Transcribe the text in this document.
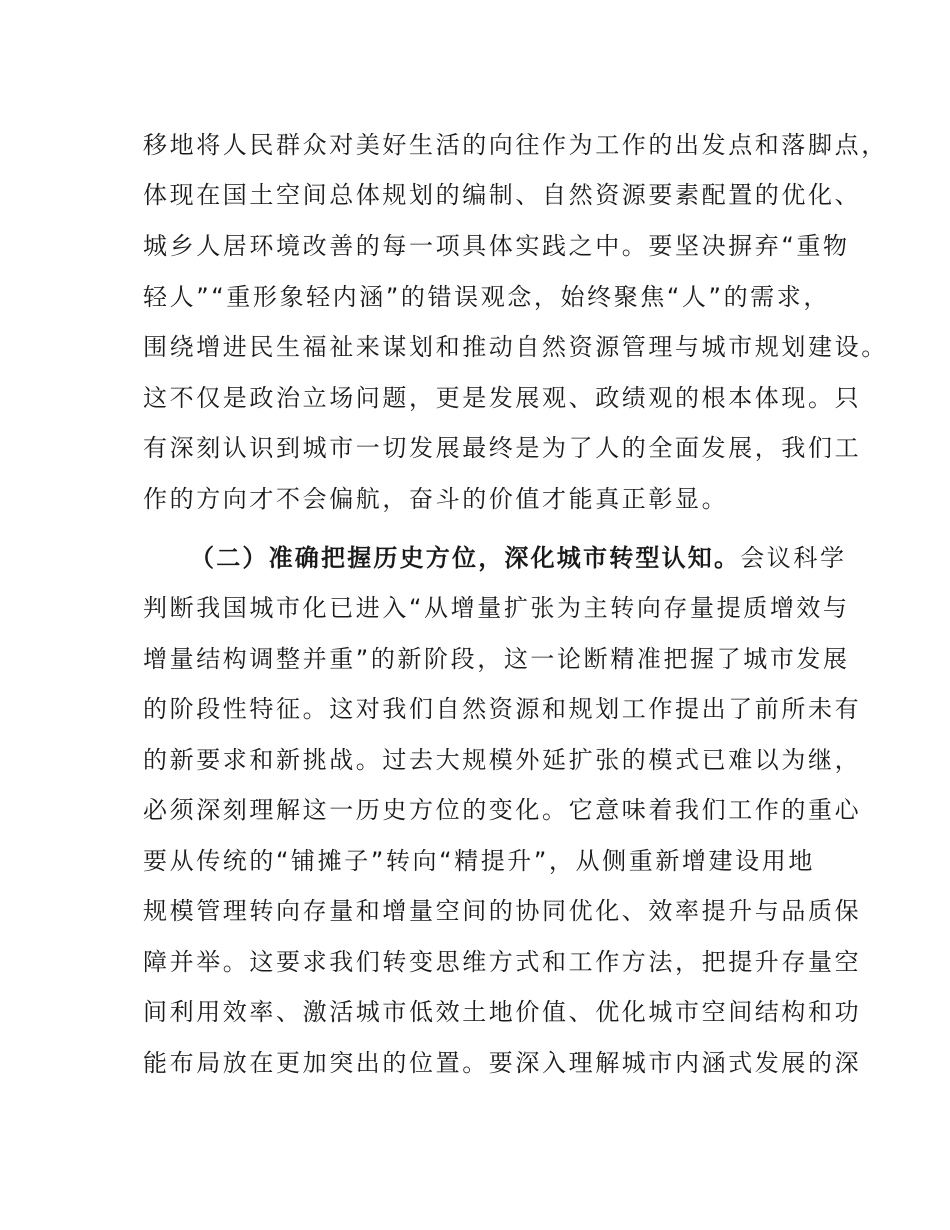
移地将人民群众对美好生活的向往作为工作的出发点和落脚点，
体现在国土空间总体规划的编制、自然资源要素配置的优化、
城乡人居环境改善的每一项具体实践之中。要坚决摒弃“重物
轻人”“重形象轻内涵”的错误观念，始终聚焦“人”的需求，
围绕增进民生福祉来谋划和推动自然资源管理与城市规划建设。
这不仅是政治立场问题，更是发展观、政绩观的根本体现。只
有深刻认识到城市一切发展最终是为了人的全面发展，我们工
作的方向才不会偏航，奋斗的价值才能真正彰显。
（二）准确把握历史方位，深化城市转型认知。会议科学
判断我国城市化已进入“从增量扩张为主转向存量提质增效与
增量结构调整并重”的新阶段，这一论断精准把握了城市发展
的阶段性特征。这对我们自然资源和规划工作提出了前所未有
的新要求和新挑战。过去大规模外延扩张的模式已难以为继，
必须深刻理解这一历史方位的变化。它意味着我们工作的重心
要从传统的“铺摊子”转向“精提升”，从侧重新增建设用地
规模管理转向存量和增量空间的协同优化、效率提升与品质保
障并举。这要求我们转变思维方式和工作方法，把提升存量空
间利用效率、激活城市低效土地价值、优化城市空间结构和功
能布局放在更加突出的位置。要深入理解城市内涵式发展的深
